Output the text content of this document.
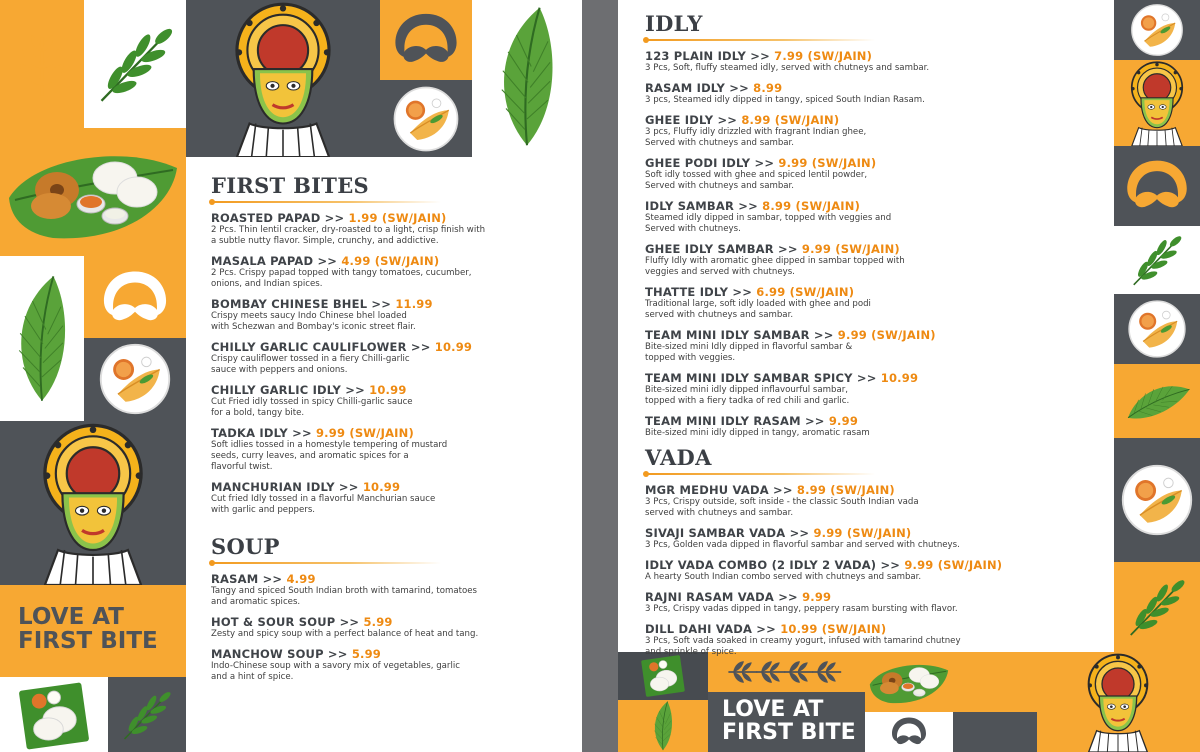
LOVE AT
FIRST BITE
FIRST BITES
ROASTED PAPAD >> 1.99 (SW/JAIN)
2 Pcs. Thin lentil cracker, dry-roasted to a light, crisp finish with
a subtle nutty flavor. Simple, crunchy, and addictive.
MASALA PAPAD >> 4.99 (SW/JAIN)
2 Pcs. Crispy papad topped with tangy tomatoes, cucumber,
onions, and Indian spices.
BOMBAY CHINESE BHEL >> 11.99
Crispy meets saucy Indo Chinese bhel loaded
with Schezwan and Bombay's iconic street flair.
CHILLY GARLIC CAULIFLOWER >> 10.99
Crispy cauliflower tossed in a fiery Chilli-garlic
sauce with peppers and onions.
CHILLY GARLIC IDLY >> 10.99
Cut Fried idly tossed in spicy Chilli-garlic sauce
for a bold, tangy bite.
TADKA IDLY >> 9.99 (SW/JAIN)
Soft idlies tossed in a homestyle tempering of mustard
seeds, curry leaves, and aromatic spices for a
flavorful twist.
MANCHURIAN IDLY >> 10.99
Cut fried Idly tossed in a flavorful Manchurian sauce
with garlic and peppers.
SOUP
RASAM >> 4.99
Tangy and spiced South Indian broth with tamarind, tomatoes
and aromatic spices.
HOT & SOUR SOUP >> 5.99
Zesty and spicy soup with a perfect balance of heat and tang.
MANCHOW SOUP >> 5.99
Indo-Chinese soup with a savory mix of vegetables, garlic
and a hint of spice.
LOVE AT
FIRST BITE
IDLY
123 PLAIN IDLY >> 7.99 (SW/JAIN)
3 Pcs, Soft, fluffy steamed idly, served with chutneys and sambar.
RASAM IDLY >> 8.99
3 pcs, Steamed idly dipped in tangy, spiced South Indian Rasam.
GHEE IDLY >> 8.99 (SW/JAIN)
3 pcs, Fluffy idly drizzled with fragrant Indian ghee,
Served with chutneys and sambar.
GHEE PODI IDLY >> 9.99 (SW/JAIN)
Soft idly tossed with ghee and spiced lentil powder,
Served with chutneys and sambar.
IDLY SAMBAR >> 8.99 (SW/JAIN)
Steamed idly dipped in sambar, topped with veggies and
Served with chutneys.
GHEE IDLY SAMBAR >> 9.99 (SW/JAIN)
Fluffy Idly with aromatic ghee dipped in sambar topped with
veggies and served with chutneys.
THATTE IDLY >> 6.99 (SW/JAIN)
Traditional large, soft idly loaded with ghee and podi
served with chutneys and sambar.
TEAM MINI IDLY SAMBAR >> 9.99 (SW/JAIN)
Bite-sized mini Idly dipped in flavorful sambar &
topped with veggies.
TEAM MINI IDLY SAMBAR SPICY >> 10.99
Bite-sized mini idly dipped inflavourful sambar,
topped with a fiery tadka of red chili and garlic.
TEAM MINI IDLY RASAM >> 9.99
Bite-sized mini idly dipped in tangy, aromatic rasam
VADA
MGR MEDHU VADA >> 8.99 (SW/JAIN)
3 Pcs, Crispy outside, soft inside - the classic South Indian vada
served with chutneys and sambar.
SIVAJI SAMBAR VADA >> 9.99 (SW/JAIN)
3 Pcs, Golden vada dipped in flavorful sambar and served with chutneys.
IDLY VADA COMBO (2 IDLY 2 VADA) >> 9.99 (SW/JAIN)
A hearty South Indian combo served with chutneys and sambar.
RAJNI RASAM VADA >> 9.99
3 Pcs, Crispy vadas dipped in tangy, peppery rasam bursting with flavor.
DILL DAHI VADA >> 10.99 (SW/JAIN)
3 Pcs, Soft vada soaked in creamy yogurt, infused with tamarind chutney
and sprinkle of spice.
